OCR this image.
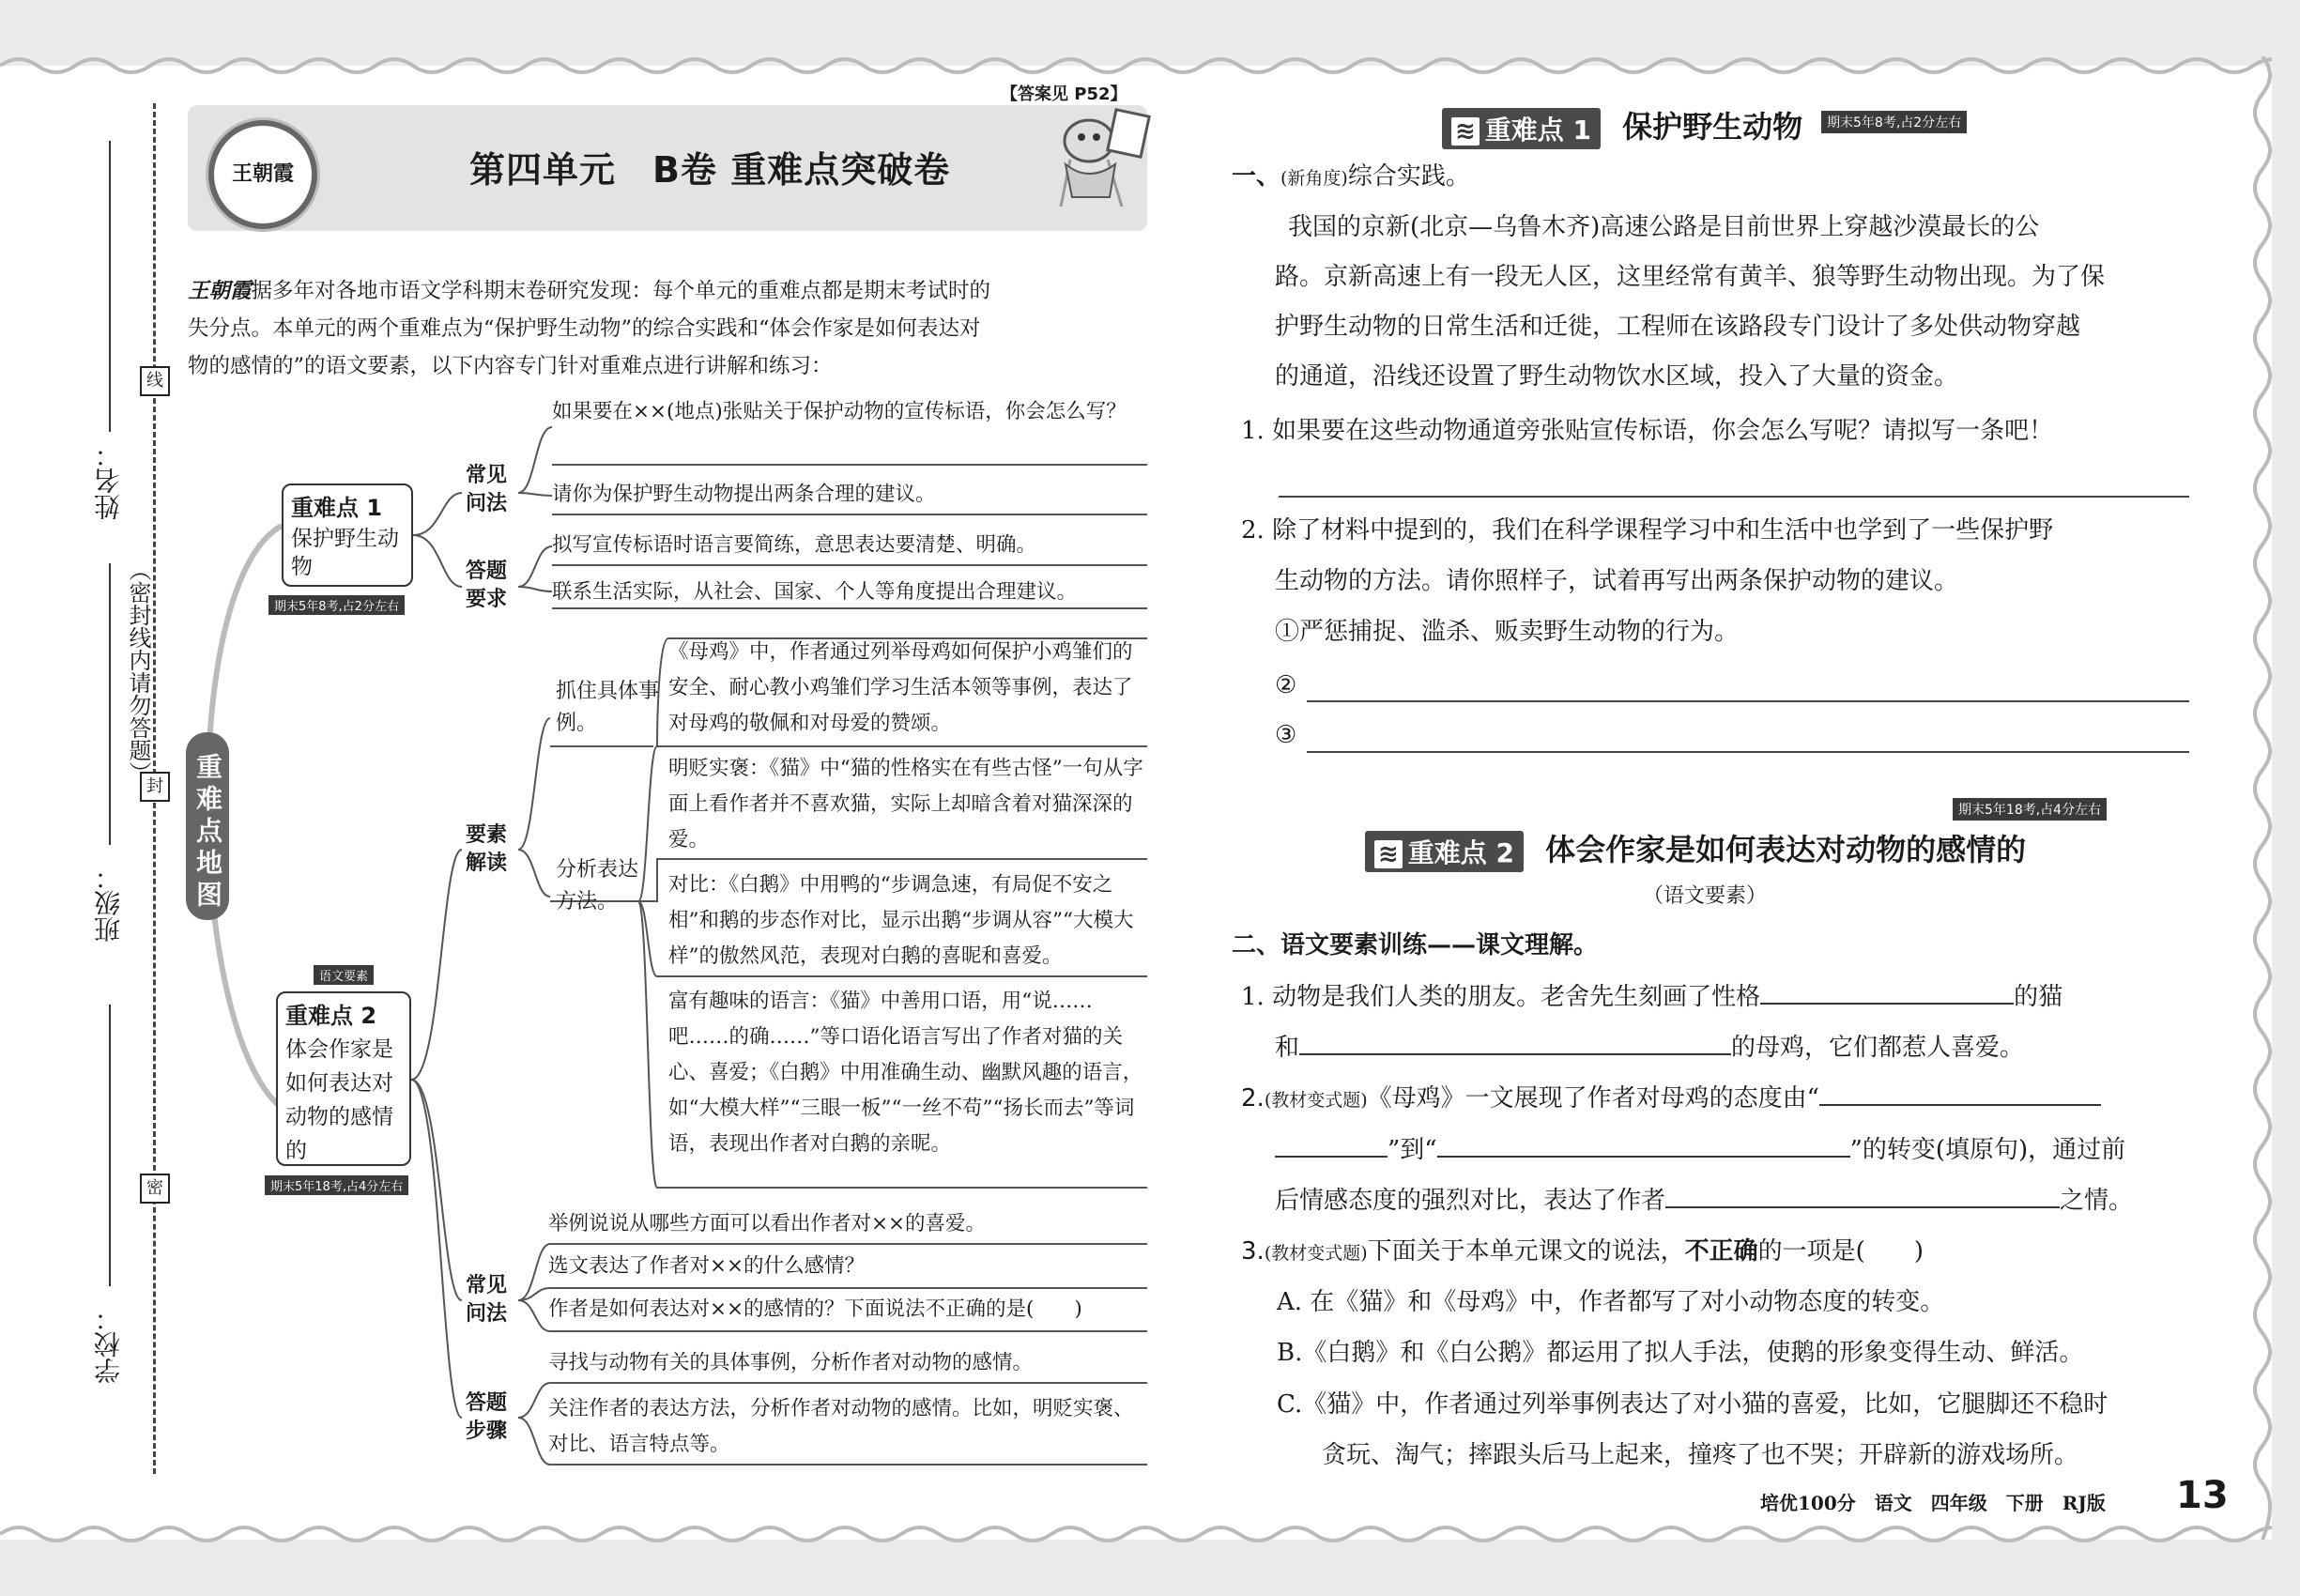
姓名：
班级：
学校：
线
封
密
（密封线内请勿答题）
第四单元　B卷 重难点突破卷
【答案见 P52】
王朝霞
王朝霞据多年对各地市语文学科期末卷研究发现：每个单元的重难点都是期末考试时的
失分点。本单元的两个重难点为“保护野生动物”的综合实践和“体会作家是如何表达对
物的感情的”的语文要素，以下内容专门针对重难点进行讲解和练习：
重难点地图
重难点 1
保护野生动物
期末5年8考,占2分左右
常见问法
答题要求
如果要在××(地点)张贴关于保护动物的宣传标语，你会怎么写？
请你为保护野生动物提出两条合理的建议。
拟写宣传标语时语言要简练，意思表达要清楚、明确。
联系生活实际，从社会、国家、个人等角度提出合理建议。
语文要素
重难点 2
体会作家是如何表达对动物的感情的
期末5年18考,占4分左右
要素解读
常见问法
答题步骤
抓住具体事例。
分析表达方法。
《母鸡》中，作者通过列举母鸡如何保护小鸡雏们的安全、耐心教小鸡雏们学习生活本领等事例，表达了对母鸡的敬佩和对母爱的赞颂。
明贬实褒：《猫》中“猫的性格实在有些古怪”一句从字面上看作者并不喜欢猫，实际上却暗含着对猫深深的爱。
对比：《白鹅》中用鸭的“步调急速，有局促不安之相”和鹅的步态作对比，显示出鹅“步调从容”“大模大样”的傲然风范，表现对白鹅的喜昵和喜爱。
富有趣味的语言：《猫》中善用口语，用“说……吧……的确……”等口语化语言写出了作者对猫的关心、喜爱；《白鹅》中用准确生动、幽默风趣的语言，如“大模大样”“三眼一板”“一丝不苟”“扬长而去”等词语，表现出作者对白鹅的亲昵。
举例说说从哪些方面可以看出作者对××的喜爱。
选文表达了作者对××的什么感情？
作者是如何表达对××的感情的？下面说法不正确的是(　　)
寻找与动物有关的具体事例，分析作者对动物的感情。
关注作者的表达方法，分析作者对动物的感情。比如，明贬实褒、对比、语言特点等。
≋ 重难点 1 保护野生动物	期末5年8考,占2分左右
一、(新角度)综合实践。
我国的京新(北京—乌鲁木齐)高速公路是目前世界上穿越沙漠最长的公
路。京新高速上有一段无人区，这里经常有黄羊、狼等野生动物出现。为了保
护野生动物的日常生活和迁徙，工程师在该路段专门设计了多处供动物穿越
的通道，沿线还设置了野生动物饮水区域，投入了大量的资金。
1. 如果要在这些动物通道旁张贴宣传标语，你会怎么写呢？请拟写一条吧！
2. 除了材料中提到的，我们在科学课程学习中和生活中也学到了一些保护野
生动物的方法。请你照样子，试着再写出两条保护动物的建议。
①严惩捕捉、滥杀、贩卖野生动物的行为。
②
③
期末5年18考,占4分左右
≋ 重难点 2 体会作家是如何表达对动物的感情的
（语文要素）
二、语文要素训练——课文理解。
1. 动物是我们人类的朋友。老舍先生刻画了性格	的猫
和	的母鸡，它们都惹人喜爱。
2.(教材变式题)《母鸡》一文展现了作者对母鸡的态度由“
”到“	”的转变(填原句)，通过前
后情感态度的强烈对比，表达了作者	之情。
3.(教材变式题)下面关于本单元课文的说法，不正确的一项是(　　)
A. 在《猫》和《母鸡》中，作者都写了对小动物态度的转变。
B.《白鹅》和《白公鹅》都运用了拟人手法，使鹅的形象变得生动、鲜活。
C.《猫》中，作者通过列举事例表达了对小猫的喜爱，比如，它腿脚还不稳时
贪玩、淘气；摔跟头后马上起来，撞疼了也不哭；开辟新的游戏场所。
培优100分　语文　四年级　下册　RJ版 13
